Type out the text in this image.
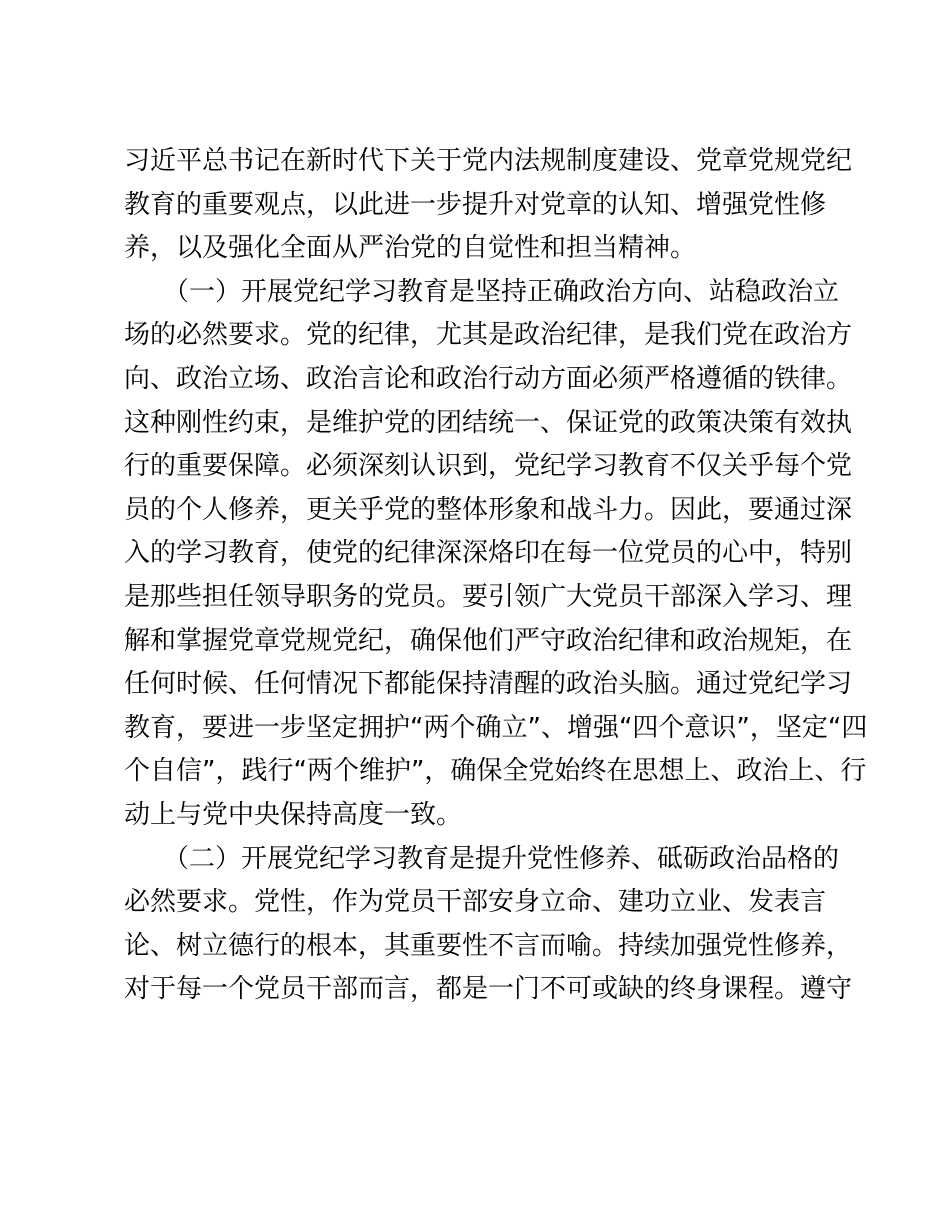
习近平总书记在新时代下关于党内法规制度建设、党章党规党纪
教育的重要观点，以此进一步提升对党章的认知、增强党性修
养，以及强化全面从严治党的自觉性和担当精神。
　　（一）开展党纪学习教育是坚持正确政治方向、站稳政治立
场的必然要求。党的纪律，尤其是政治纪律，是我们党在政治方
向、政治立场、政治言论和政治行动方面必须严格遵循的铁律。
这种刚性约束，是维护党的团结统一、保证党的政策决策有效执
行的重要保障。必须深刻认识到，党纪学习教育不仅关乎每个党
员的个人修养，更关乎党的整体形象和战斗力。因此，要通过深
入的学习教育，使党的纪律深深烙印在每一位党员的心中，特别
是那些担任领导职务的党员。要引领广大党员干部深入学习、理
解和掌握党章党规党纪，确保他们严守政治纪律和政治规矩，在
任何时候、任何情况下都能保持清醒的政治头脑。通过党纪学习
教育，要进一步坚定拥护“两个确立”、增强“四个意识”，坚定“四
个自信”，践行“两个维护”，确保全党始终在思想上、政治上、行
动上与党中央保持高度一致。
　　（二）开展党纪学习教育是提升党性修养、砥砺政治品格的
必然要求。党性，作为党员干部安身立命、建功立业、发表言
论、树立德行的根本，其重要性不言而喻。持续加强党性修养，
对于每一个党员干部而言，都是一门不可或缺的终身课程。遵守
